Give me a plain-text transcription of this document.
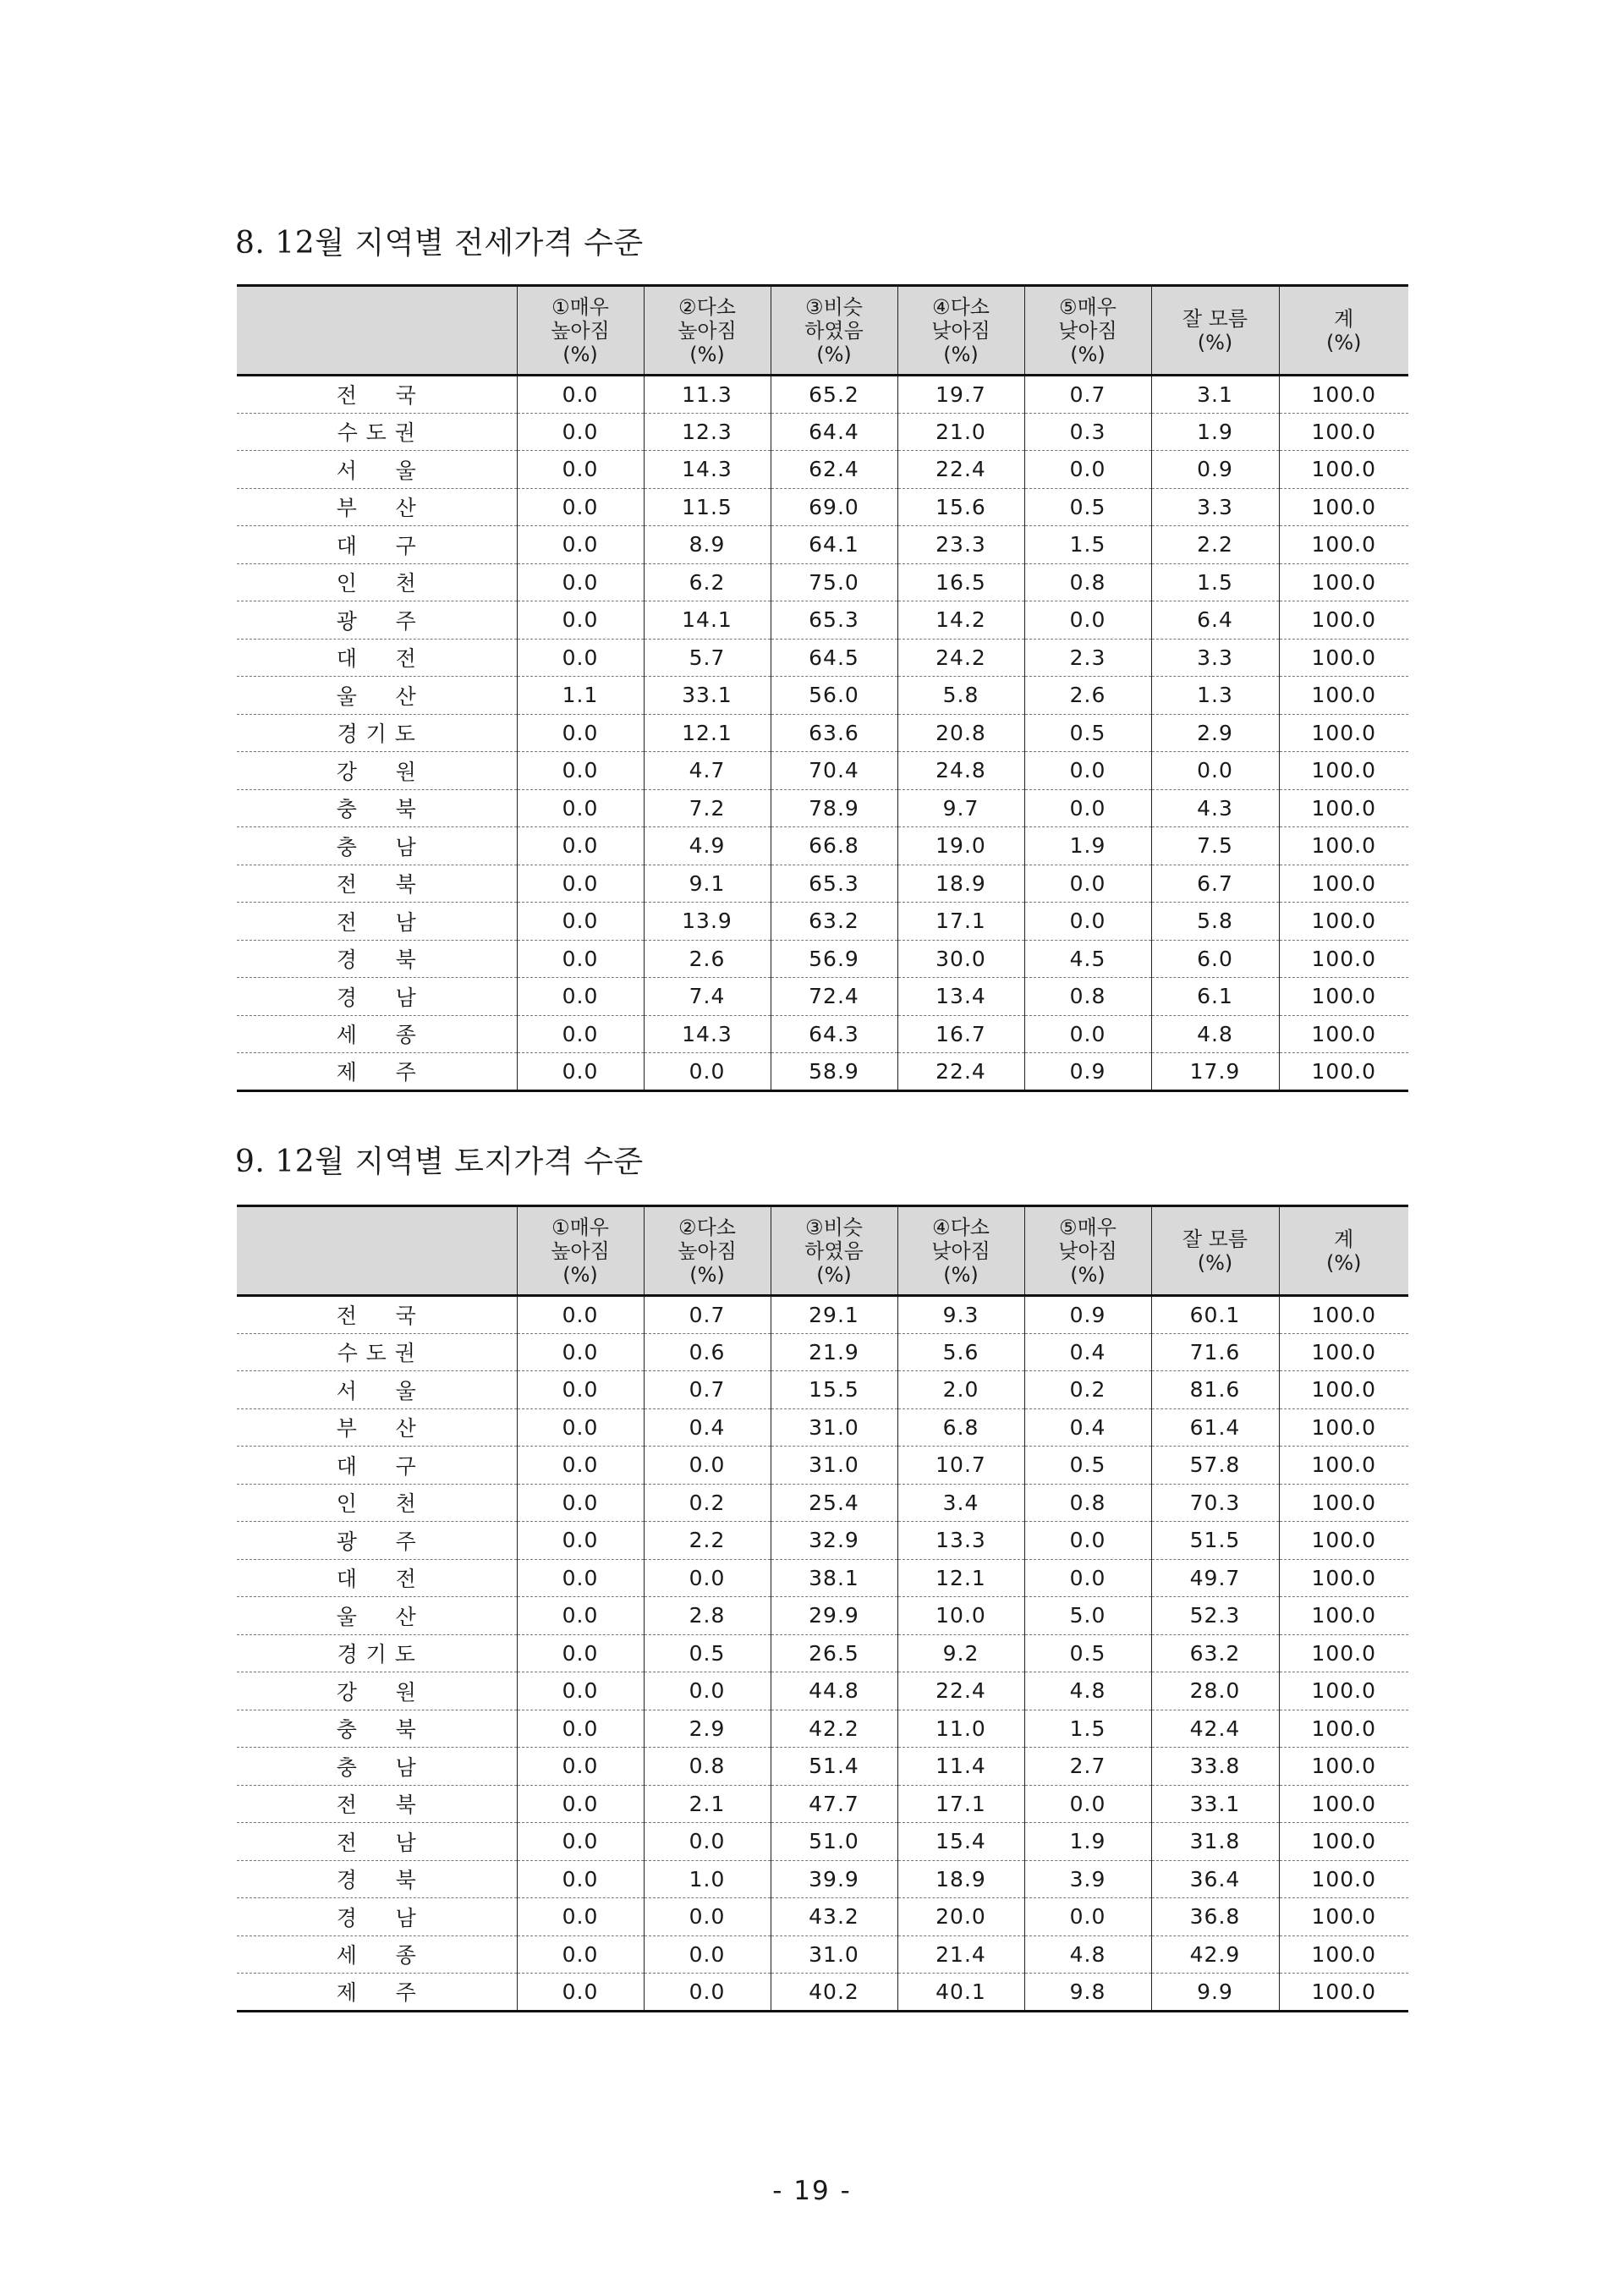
8. 12월 지역별 전세가격 수준
	①매우
높아짐
(%)	②다소
높아짐
(%)	③비슷
하였음
(%)	④다소
낮아짐
(%)	⑤매우
낮아짐
(%)	잘 모름
(%)	계
(%)
전     국	0.0	11.3	65.2	19.7	0.7	3.1	100.0
수 도 권	0.0	12.3	64.4	21.0	0.3	1.9	100.0
서     울	0.0	14.3	62.4	22.4	0.0	0.9	100.0
부     산	0.0	11.5	69.0	15.6	0.5	3.3	100.0
대     구	0.0	8.9	64.1	23.3	1.5	2.2	100.0
인     천	0.0	6.2	75.0	16.5	0.8	1.5	100.0
광     주	0.0	14.1	65.3	14.2	0.0	6.4	100.0
대     전	0.0	5.7	64.5	24.2	2.3	3.3	100.0
울     산	1.1	33.1	56.0	5.8	2.6	1.3	100.0
경 기 도	0.0	12.1	63.6	20.8	0.5	2.9	100.0
강     원	0.0	4.7	70.4	24.8	0.0	0.0	100.0
충     북	0.0	7.2	78.9	9.7	0.0	4.3	100.0
충     남	0.0	4.9	66.8	19.0	1.9	7.5	100.0
전     북	0.0	9.1	65.3	18.9	0.0	6.7	100.0
전     남	0.0	13.9	63.2	17.1	0.0	5.8	100.0
경     북	0.0	2.6	56.9	30.0	4.5	6.0	100.0
경     남	0.0	7.4	72.4	13.4	0.8	6.1	100.0
세     종	0.0	14.3	64.3	16.7	0.0	4.8	100.0
제     주	0.0	0.0	58.9	22.4	0.9	17.9	100.0
9. 12월 지역별 토지가격 수준
	①매우
높아짐
(%)	②다소
높아짐
(%)	③비슷
하였음
(%)	④다소
낮아짐
(%)	⑤매우
낮아짐
(%)	잘 모름
(%)	계
(%)
전     국	0.0	0.7	29.1	9.3	0.9	60.1	100.0
수 도 권	0.0	0.6	21.9	5.6	0.4	71.6	100.0
서     울	0.0	0.7	15.5	2.0	0.2	81.6	100.0
부     산	0.0	0.4	31.0	6.8	0.4	61.4	100.0
대     구	0.0	0.0	31.0	10.7	0.5	57.8	100.0
인     천	0.0	0.2	25.4	3.4	0.8	70.3	100.0
광     주	0.0	2.2	32.9	13.3	0.0	51.5	100.0
대     전	0.0	0.0	38.1	12.1	0.0	49.7	100.0
울     산	0.0	2.8	29.9	10.0	5.0	52.3	100.0
경 기 도	0.0	0.5	26.5	9.2	0.5	63.2	100.0
강     원	0.0	0.0	44.8	22.4	4.8	28.0	100.0
충     북	0.0	2.9	42.2	11.0	1.5	42.4	100.0
충     남	0.0	0.8	51.4	11.4	2.7	33.8	100.0
전     북	0.0	2.1	47.7	17.1	0.0	33.1	100.0
전     남	0.0	0.0	51.0	15.4	1.9	31.8	100.0
경     북	0.0	1.0	39.9	18.9	3.9	36.4	100.0
경     남	0.0	0.0	43.2	20.0	0.0	36.8	100.0
세     종	0.0	0.0	31.0	21.4	4.8	42.9	100.0
제     주	0.0	0.0	40.2	40.1	9.8	9.9	100.0
- 19 -
